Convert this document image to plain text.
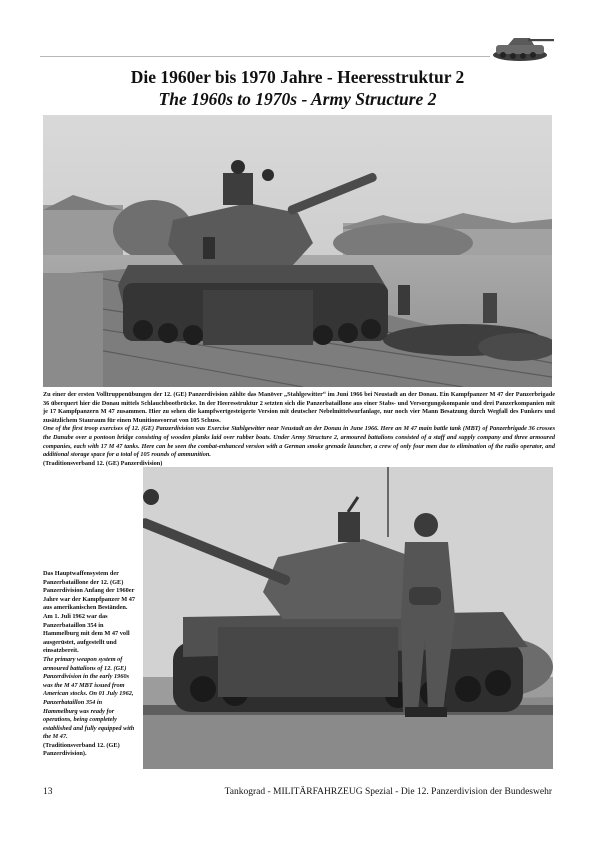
Die 1960er bis 1970 Jahre - Heeresstruktur 2
The 1960s to 1970s - Army Structure 2
Zu einer der ersten Volltruppenübungen der 12. (GE) Panzerdivision zählte das Manöver „Stahlgewitter“ im Juni 1966 bei Neustadt an der Donau. Ein Kampfpanzer M 47 der Panzerbrigade 36 überquert hier die Donau mittels Schlauchbootbrücke. In der Heeresstruktur 2 setzten sich die Panzerbataillone aus einer Stabs- und Versorgungskompanie und drei Panzerkompanien mit je 17 Kampfpanzern M 47 zusammen. Hier zu sehen die kampfwertgesteigerte Version mit deutscher Nebelmittelwurfanlage, nur noch vier Mann Besatzung durch Wegfall des Funkers und zusätzlichem Stauraum für einen Munitionsvorrat von 105 Schuss.
One of the first troop exercises of 12. (GE) Panzerdivision was Exercise Stahlgewitter near Neustadt an der Donau in June 1966. Here an M 47 main battle tank (MBT) of Panzerbrigade 36 crosses the Danube over a pontoon bridge consisting of wooden planks laid over rubber boats. Under Army Structure 2, armoured battalions consisted of a staff and supply company and three armoured companies, each with 17 M 47 tanks. Here can be seen the combat-enhanced version with a German smoke grenade launcher, a crew of only four men due to elimination of the radio operator, and additional storage space for a total of 105 rounds of ammunition.
(Traditionsverband 12. (GE) Panzerdivision)
Das Hauptwaffensystem der Panzerbataillone der 12. (GE) Panzerdivision Anfang der 1960er Jahre war der Kampfpanzer M 47 aus amerikanischen Beständen. Am 1. Juli 1962 war das Panzerbataillon 354 in Hammelburg mit dem M 47 voll ausgerüstet, aufgestellt und einsatzbereit.
The primary weapon system of armoured battalions of 12. (GE) Panzerdivision in the early 1960s was the M 47 MBT issued from American stocks. On 01 July 1962, Panzerbataillon 354 in Hammelburg was ready for operations, being completely established and fully equipped with the M 47.
(Traditionsverband 12. (GE) Panzerdivision).
13	Tankograd - MILITÄRFAHRZEUG Spezial - Die 12. Panzerdivision der Bundeswehr
